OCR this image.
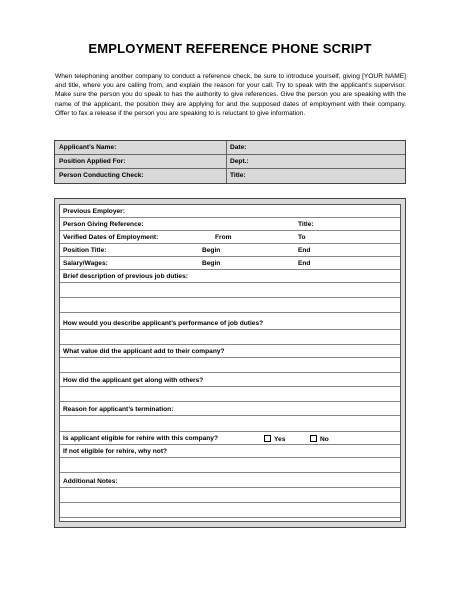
EMPLOYMENT REFERENCE PHONE SCRIPT
When telephoning another company to conduct a reference check, be sure to introduce yourself, giving [YOUR NAME] and title, where you are calling from, and explain the reason for your call. Try to speak with the applicant’s supervisor. Make sure the person you do speak to has the authority to give references. Give the person you are speaking with the name of the applicant, the position they are applying for and the supposed dates of employment with their company. Offer to fax a release if the person you are speaking to is reluctant to give information.
Applicant’s Name:	Date:
Position Applied For:	Dept.:
Person Conducting Check:	Title:
Previous Employer:
Person Giving Reference:	Title:
Verified Dates of Employment:	From	To
Position Title:	Begin	End
Salary/Wages:	Begin	End
Brief description of previous job duties:
How would you describe applicant’s performance of job duties?
What value did the applicant add to their company?
How did the applicant get along with others?
Reason for applicant’s termination:
Is applicant eligible for rehire with this company?	Yes	No
If not eligible for rehire, why not?
Additional Notes:
